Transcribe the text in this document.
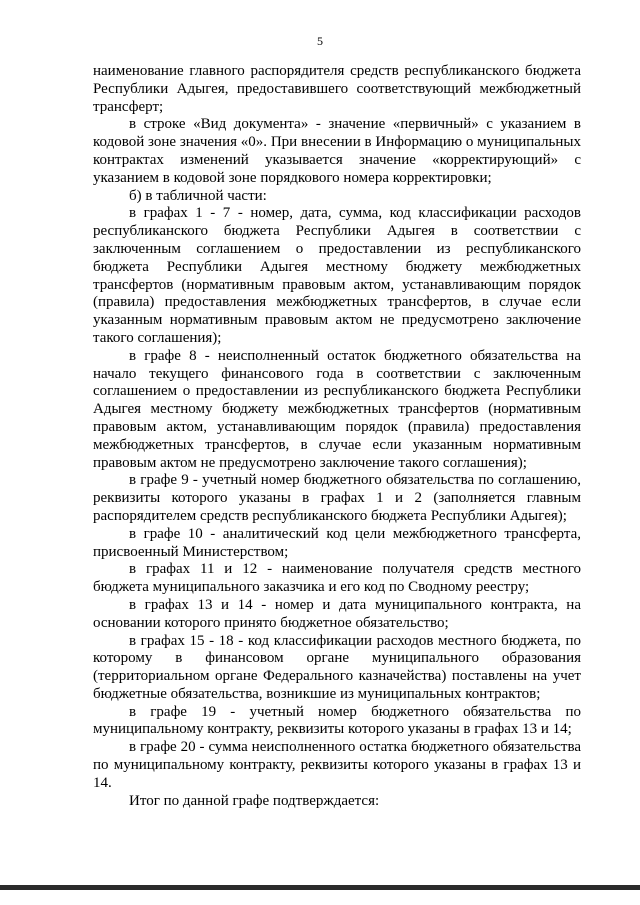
5

наименование главного распорядителя средств республиканского бюджета Республики Адыгея, предоставившего соответствующий межбюджетный трансферт;

в строке «Вид документа» - значение «первичный» с указанием в кодовой зоне значения «0». При внесении в Информацию о муниципальных контрактах изменений указывается значение «корректирующий» с указанием в кодовой зоне порядкового номера корректировки;

б) в табличной части:

в графах 1 - 7 - номер, дата, сумма, код классификации расходов республиканского бюджета Республики Адыгея в соответствии с заключенным соглашением о предоставлении из республиканского бюджета Республики Адыгея местному бюджету межбюджетных трансфертов (нормативным правовым актом, устанавливающим порядок (правила) предоставления межбюджетных трансфертов, в случае если указанным нормативным правовым актом не предусмотрено заключение такого соглашения);

в графе 8 - неисполненный остаток бюджетного обязательства на начало текущего финансового года в соответствии с заключенным соглашением о предоставлении из республиканского бюджета Республики Адыгея местному бюджету межбюджетных трансфертов (нормативным правовым актом, устанавливающим порядок (правила) предоставления межбюджетных трансфертов, в случае если указанным нормативным правовым актом не предусмотрено заключение такого соглашения);

в графе 9 - учетный номер бюджетного обязательства по соглашению, реквизиты которого указаны в графах 1 и 2 (заполняется главным распорядителем средств республиканского бюджета Республики Адыгея);

в графе 10 - аналитический код цели межбюджетного трансферта, присвоенный Министерством;

в графах 11 и 12 - наименование получателя средств местного бюджета муниципального заказчика и его код по Сводному реестру;

в графах 13 и 14 - номер и дата муниципального контракта, на основании которого принято бюджетное обязательство;

в графах 15 - 18 - код классификации расходов местного бюджета, по которому в финансовом органе муниципального образования (территориальном органе Федерального казначейства) поставлены на учет бюджетные обязательства, возникшие из муниципальных контрактов;

в графе 19 - учетный номер бюджетного обязательства по муниципальному контракту, реквизиты которого указаны в графах 13 и 14;

в графе 20 - сумма неисполненного остатка бюджетного обязательства по муниципальному контракту, реквизиты которого указаны в графах 13 и 14.

Итог по данной графе подтверждается:
